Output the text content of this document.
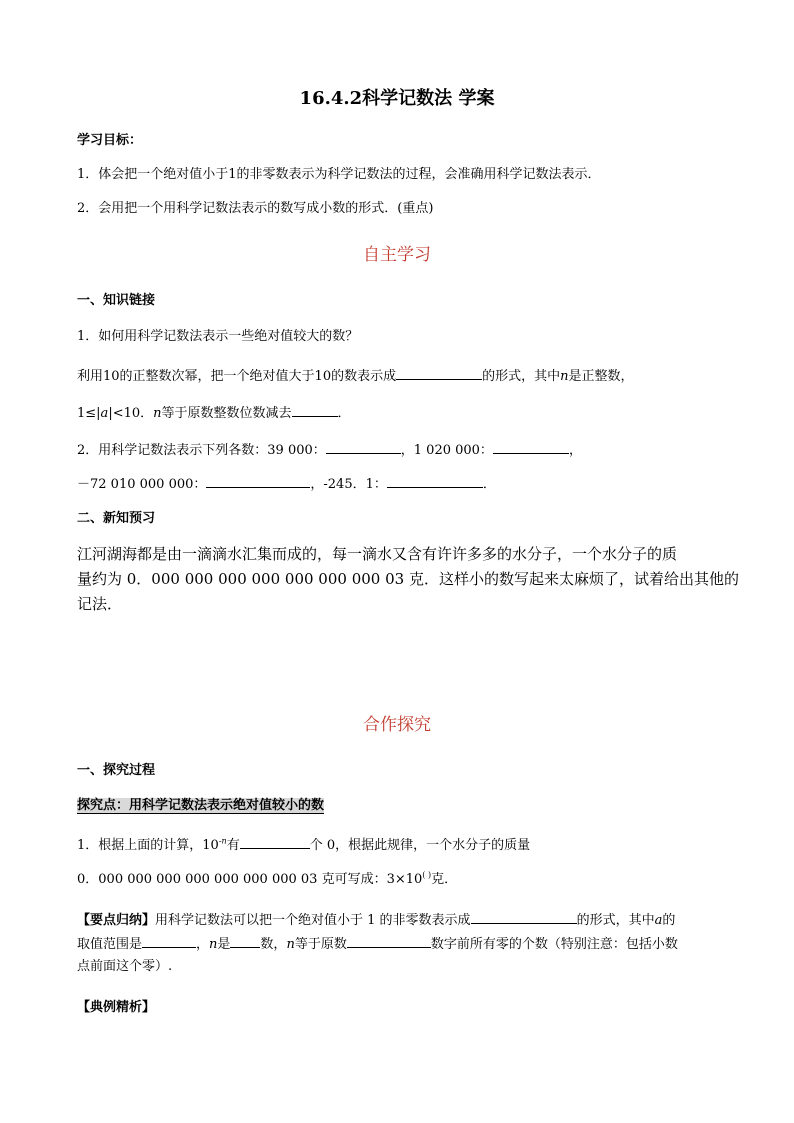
16.4.2科学记数法 学案
学习目标：
1．体会把一个绝对值小于1的非零数表示为科学记数法的过程，会准确用科学记数法表示．
2．会用把一个用科学记数法表示的数写成小数的形式．(重点)
自主学习
一、知识链接
1．如何用科学记数法表示一些绝对值较大的数？
利用10的正整数次幂，把一个绝对值大于10的数表示成	的形式，其中n是正整数，
1≤|a|<10．n等于原数整数位数减去	．
2．用科学记数法表示下列各数：39 000：	，1 020 000：	，
－72 010 000 000：	，-245．1：	．
二、新知预习
江河湖海都是由一滴滴水汇集而成的，每一滴水又含有许许多多的水分子，一个水分子的质
量约为 0．000 000 000 000 000 000 000 03 克．这样小的数写起来太麻烦了，试着给出其他的
记法．
合作探究
一、探究过程
探究点：用科学记数法表示绝对值较小的数
1．根据上面的计算，$10^{-n}$有	个 0，根据此规律，一个水分子的质量
0．000 000 000 000 000 000 000 03 克可写成：3×10( )克．
【要点归纳】用科学记数法可以把一个绝对值小于 1 的非零数表示成	的形式，其中a的
取值范围是	，n是 数，n等于原数	数字前所有零的个数（特别注意：包括小数
点前面这个零）.
【典例精析】
